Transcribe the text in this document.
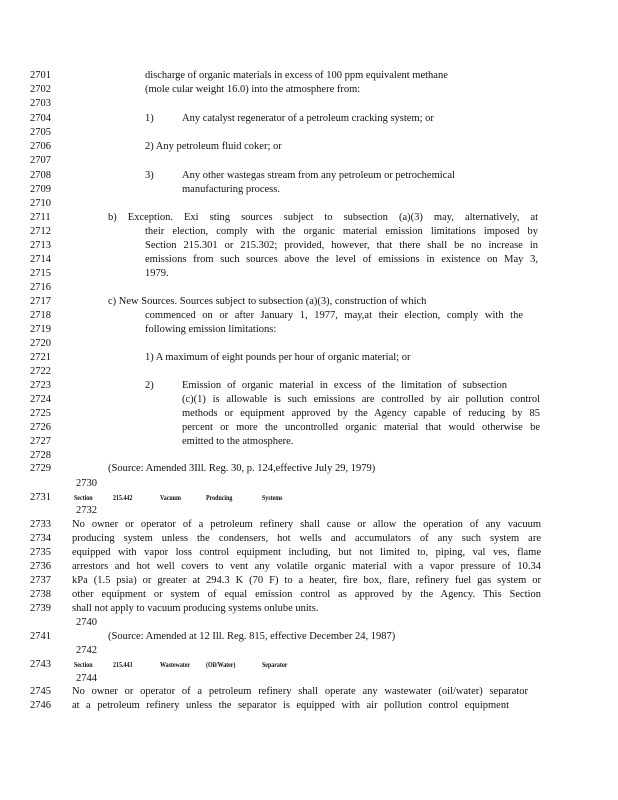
2701	discharge of organic materials in excess of 100 ppm equivalent methane
2702	(mole cular weight 16.0) into the atmosphere from:
2703
2704	1)	Any catalyst regenerator of a petroleum cracking system; or
2705
2706	2) Any petroleum fluid coker; or
2707
2708	3)	Any other wastegas stream from any petroleum or petrochemical
2709	manufacturing process.
2710
2711	b) Exception. Exi sting sources subject to subsection (a)(3) may, alternatively, at
2712	their election, comply with the organic material emission limitations imposed by
2713	Section 215.301 or 215.302; provided, however, that there shall be no increase in
2714	emissions from such sources above the level of emissions in existence on May 3,
2715	1979.
2716
2717	c) New Sources. Sources subject to subsection (a)(3), construction of which
2718	commenced on or after January 1, 1977, may,at their election, comply with the
2719	following emission limitations:
2720
2721	1) A maximum of eight pounds per hour of organic material; or
2722
2723	2)	Emission of organic material in excess of the limitation of subsection
2724	(c)(1) is allowable is such emissions are controlled by air pollution control
2725	methods or equipment approved by the Agency capable of reducing by 85
2726	percent or more the uncontrolled organic material that would otherwise be
2727	emitted to the atmosphere.
2728
2729	(Source: Amended 3Ill. Reg. 30, p. 124,effective July 29, 1979)
2730
2731	Section	215.442	Vacuum	Producing	Systems
2732
2733 No owner or operator of a petroleum refinery shall cause or allow the operation of any vacuum
2734 producing system unless the condensers, hot wells and accumulators of any such system are
2735 equipped with vapor loss control equipment including, but not limited to, piping, val ves, flame
2736 arrestors and hot well covers to vent any volatile organic material with a vapor pressure of 10.34
2737 kPa (1.5 psia) or greater at 294.3 K (70 F) to a heater, fire box, flare, refinery fuel gas system or
2738 other equipment or system of equal emission control as approved by the Agency. This Section
2739 shall not apply to vacuum producing systems onlube units.
2740
2741	(Source: Amended at 12 Ill. Reg. 815, effective December 24, 1987)
2742
2743	Section	215.443	Wastewater (Oil/Water)	Separator
2744
2745 No owner or operator of a petroleum refinery shall operate any wastewater (oil/water) separator
2746 at a petroleum refinery unless the separator is equipped with air pollution control equipment
